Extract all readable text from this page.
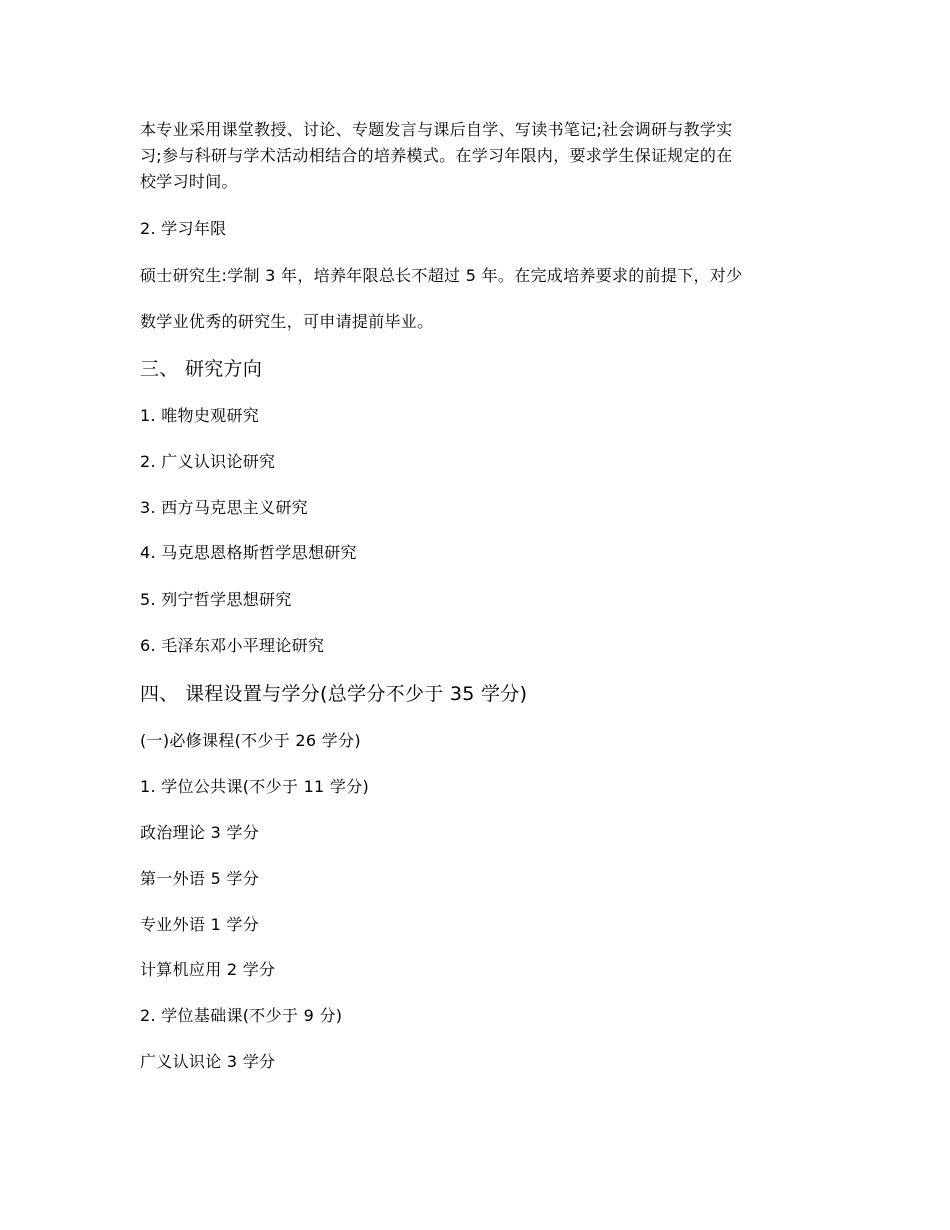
本专业采用课堂教授、讨论、专题发言与课后自学、写读书笔记;社会调研与教学实
习;参与科研与学术活动相结合的培养模式。在学习年限内，要求学生保证规定的在
校学习时间。
2. 学习年限
硕士研究生:学制 3 年，培养年限总长不超过 5 年。在完成培养要求的前提下，对少
数学业优秀的研究生，可申请提前毕业。
三、 研究方向
1. 唯物史观研究
2. 广义认识论研究
3. 西方马克思主义研究
4. 马克思恩格斯哲学思想研究
5. 列宁哲学思想研究
6. 毛泽东邓小平理论研究
四、 课程设置与学分(总学分不少于 35 学分)
(一)必修课程(不少于 26 学分)
1. 学位公共课(不少于 11 学分)
政治理论 3 学分
第一外语 5 学分
专业外语 1 学分
计算机应用 2 学分
2. 学位基础课(不少于 9 分)
广义认识论 3 学分
